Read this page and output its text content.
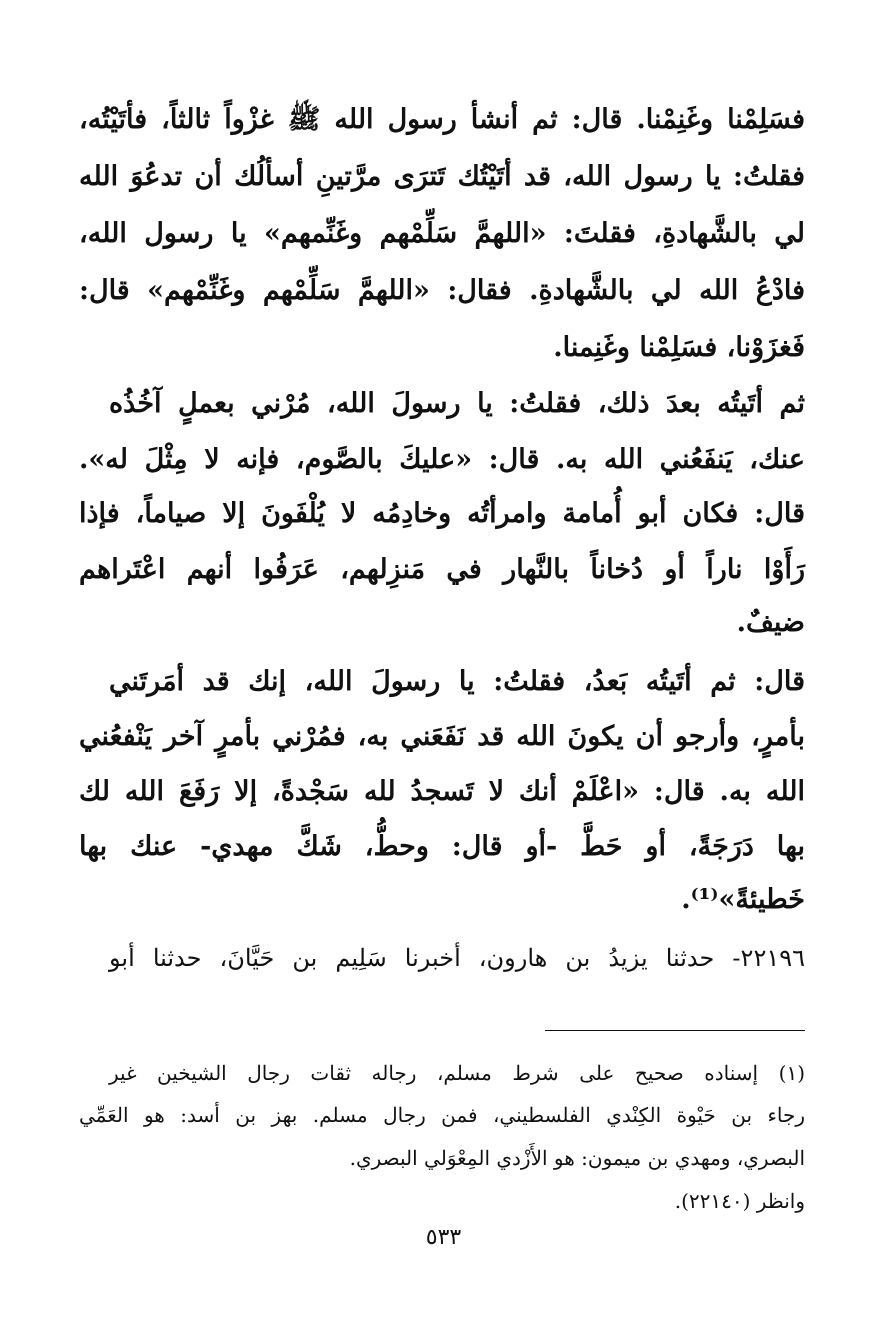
فسَلِمْنا وغَنِمْنا. قال: ثم أنشأ رسول الله ﷺ غزْواً ثالثاً، فأتَيْتُه،
فقلتُ: يا رسول الله، قد أتَيْتُك تَترَى مرَّتينِ أسألُك أن تدعُوَ الله
لي بالشَّهادةِ، فقلتَ: «اللهمَّ سَلِّمْهم وغَنِّمهم» يا رسول الله،
فادْعُ الله لي بالشَّهادةِ. فقال: «اللهمَّ سَلِّمْهم وغَنِّمْهم» قال:
فَغزَوْنا، فسَلِمْنا وغَنِمنا.
ثم أتَيتُه بعدَ ذلك، فقلتُ: يا رسولَ الله، مُرْني بعملٍ آخُذُه
عنك، يَنفَعُني الله به. قال: «عليكَ بالصَّوم، فإنه لا مِثْلَ له».
قال: فكان أبو أُمامة وامرأتُه وخادِمُه لا يُلْفَونَ إلا صياماً، فإذا
رَأَوْا ناراً أو دُخاناً بالنَّهار في مَنزِلهم، عَرَفُوا أنهم اعْتَراهم
ضيفٌ.
قال: ثم أتَيتُه بَعدُ، فقلتُ: يا رسولَ الله، إنك قد أمَرتَني
بأمرٍ، وأرجو أن يكونَ الله قد نَفَعَني به، فمُرْني بأمرٍ آخر يَنْفعُني
الله به. قال: «اعْلَمْ أنك لا تَسجدُ لله سَجْدةً، إلا رَفَعَ الله لك
بها دَرَجَةً، أو حَطَّ -أو قال: وحطُّ، شَكَّ مهدي- عنك بها
خَطيئةً»⁽¹⁾.
٢٢١٩٦- حدثنا يزيدُ بن هارون، أخبرنا سَلِيم بن حَيَّانَ، حدثنا أبو
(١) إسناده صحيح على شرط مسلم، رجاله ثقات رجال الشيخين غير
رجاء بن حَيْوة الكِنْدي الفلسطيني، فمن رجال مسلم. بهز بن أسد: هو العَمِّي
البصري، ومهدي بن ميمون: هو الأَزْدي المِعْوَلي البصري.
وانظر (٢٢١٤٠).
٥٣٣
